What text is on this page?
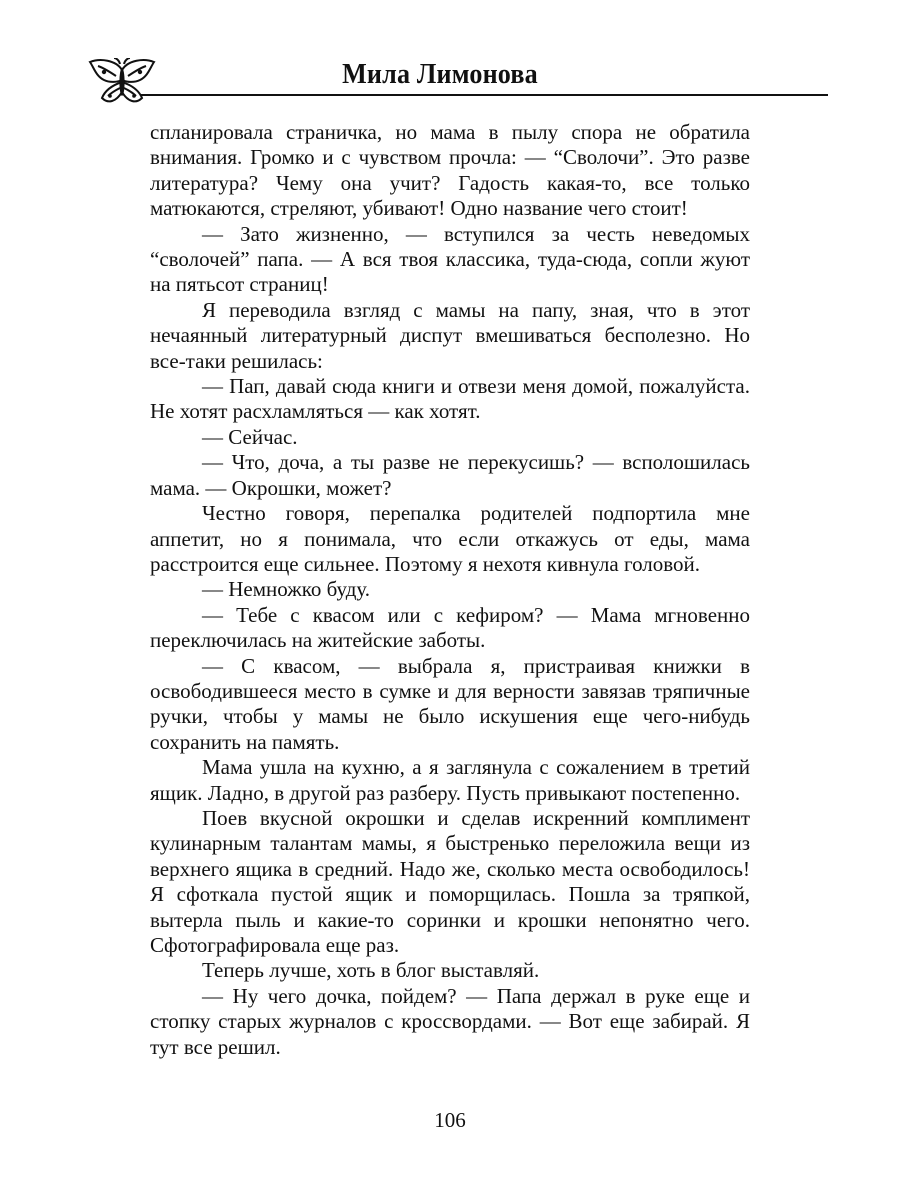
Мила Лимонова

спланировала страничка, но мама в пылу спора не обратила внимания. Громко и с чувством прочла: — “Сволочи”. Это разве литература? Чему она учит? Гадость какая-то, все только матюкаются, стреляют, убивают! Одно название чего стоит!

— Зато жизненно, — вступился за честь неведомых “сволочей” папа. — А вся твоя классика, туда-сюда, сопли жуют на пятьсот страниц!

Я переводила взгляд с мамы на папу, зная, что в этот нечаянный литературный диспут вмешиваться бесполезно. Но все-таки решилась:

— Пап, давай сюда книги и отвези меня домой, пожалуйста. Не хотят расхламляться — как хотят.

— Сейчас.

— Что, доча, а ты разве не перекусишь? — всполошилась мама. — Окрошки, может?

Честно говоря, перепалка родителей подпортила мне аппетит, но я понимала, что если откажусь от еды, мама расстроится еще сильнее. Поэтому я нехотя кивнула головой.

— Немножко буду.

— Тебе с квасом или с кефиром? — Мама мгновенно переключилась на житейские заботы.

— С квасом, — выбрала я, пристраивая книжки в освободившееся место в сумке и для верности завязав тряпичные ручки, чтобы у мамы не было искушения еще чего-нибудь сохранить на память.

Мама ушла на кухню, а я заглянула с сожалением в третий ящик. Ладно, в другой раз разберу. Пусть привыкают постепенно.

Поев вкусной окрошки и сделав искренний комплимент кулинарным талантам мамы, я быстренько переложила вещи из верхнего ящика в средний. Надо же, сколько места освободилось! Я сфоткала пустой ящик и поморщилась. Пошла за тряпкой, вытерла пыль и какие-то соринки и крошки непонятно чего. Сфотографировала еще раз.

Теперь лучше, хоть в блог выставляй.

— Ну чего дочка, пойдем? — Папа держал в руке еще и стопку старых журналов с кроссвордами. — Вот еще забирай. Я тут все решил.

106
